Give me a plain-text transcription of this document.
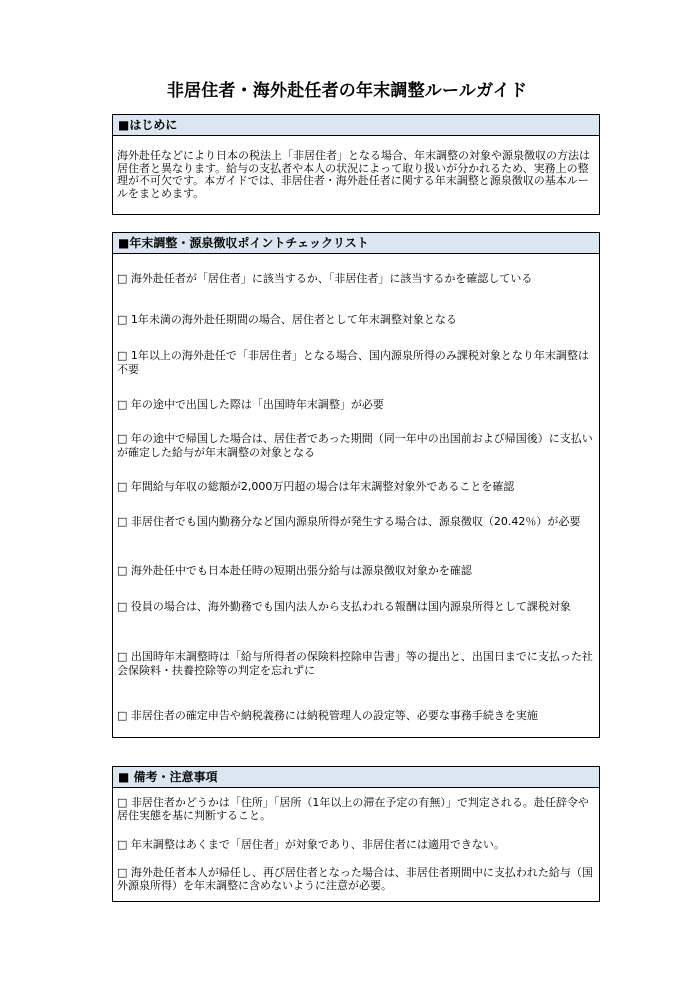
非居住者・海外赴任者の年末調整ルールガイド
■はじめに
海外赴任などにより日本の税法上「非居住者」となる場合、年末調整の対象や源泉徴収の方法は居住者と異なります。給与の支払者や本人の状況によって取り扱いが分かれるため、実務上の整理が不可欠です。本ガイドでは、非居住者・海外赴任者に関する年末調整と源泉徴収の基本ルールをまとめます。
■年末調整・源泉徴収ポイントチェックリスト
□ 海外赴任者が「居住者」に該当するか、「非居住者」に該当するかを確認している
□ 1年未満の海外赴任期間の場合、居住者として年末調整対象となる
□ 1年以上の海外赴任で「非居住者」となる場合、国内源泉所得のみ課税対象となり年末調整は不要
□ 年の途中で出国した際は「出国時年末調整」が必要
□ 年の途中で帰国した場合は、居住者であった期間（同一年中の出国前および帰国後）に支払いが確定した給与が年末調整の対象となる
□ 年間給与年収の総額が2,000万円超の場合は年末調整対象外であることを確認
□ 非居住者でも国内勤務分など国内源泉所得が発生する場合は、源泉徴収（20.42％）が必要
□ 海外赴任中でも日本赴任時の短期出張分給与は源泉徴収対象かを確認
□ 役員の場合は、海外勤務でも国内法人から支払われる報酬は国内源泉所得として課税対象
□ 出国時年末調整時は「給与所得者の保険料控除申告書」等の提出と、出国日までに支払った社会保険料・扶養控除等の判定を忘れずに
□ 非居住者の確定申告や納税義務には納税管理人の設定等、必要な事務手続きを実施
■ 備考・注意事項
□ 非居住者かどうかは「住所」「居所（1年以上の滞在予定の有無）」で判定される。赴任辞令や居住実態を基に判断すること。
□ 年末調整はあくまで「居住者」が対象であり、非居住者には適用できない。
□ 海外赴任者本人が帰任し、再び居住者となった場合は、非居住者期間中に支払われた給与（国外源泉所得）を年末調整に含めないように注意が必要。
